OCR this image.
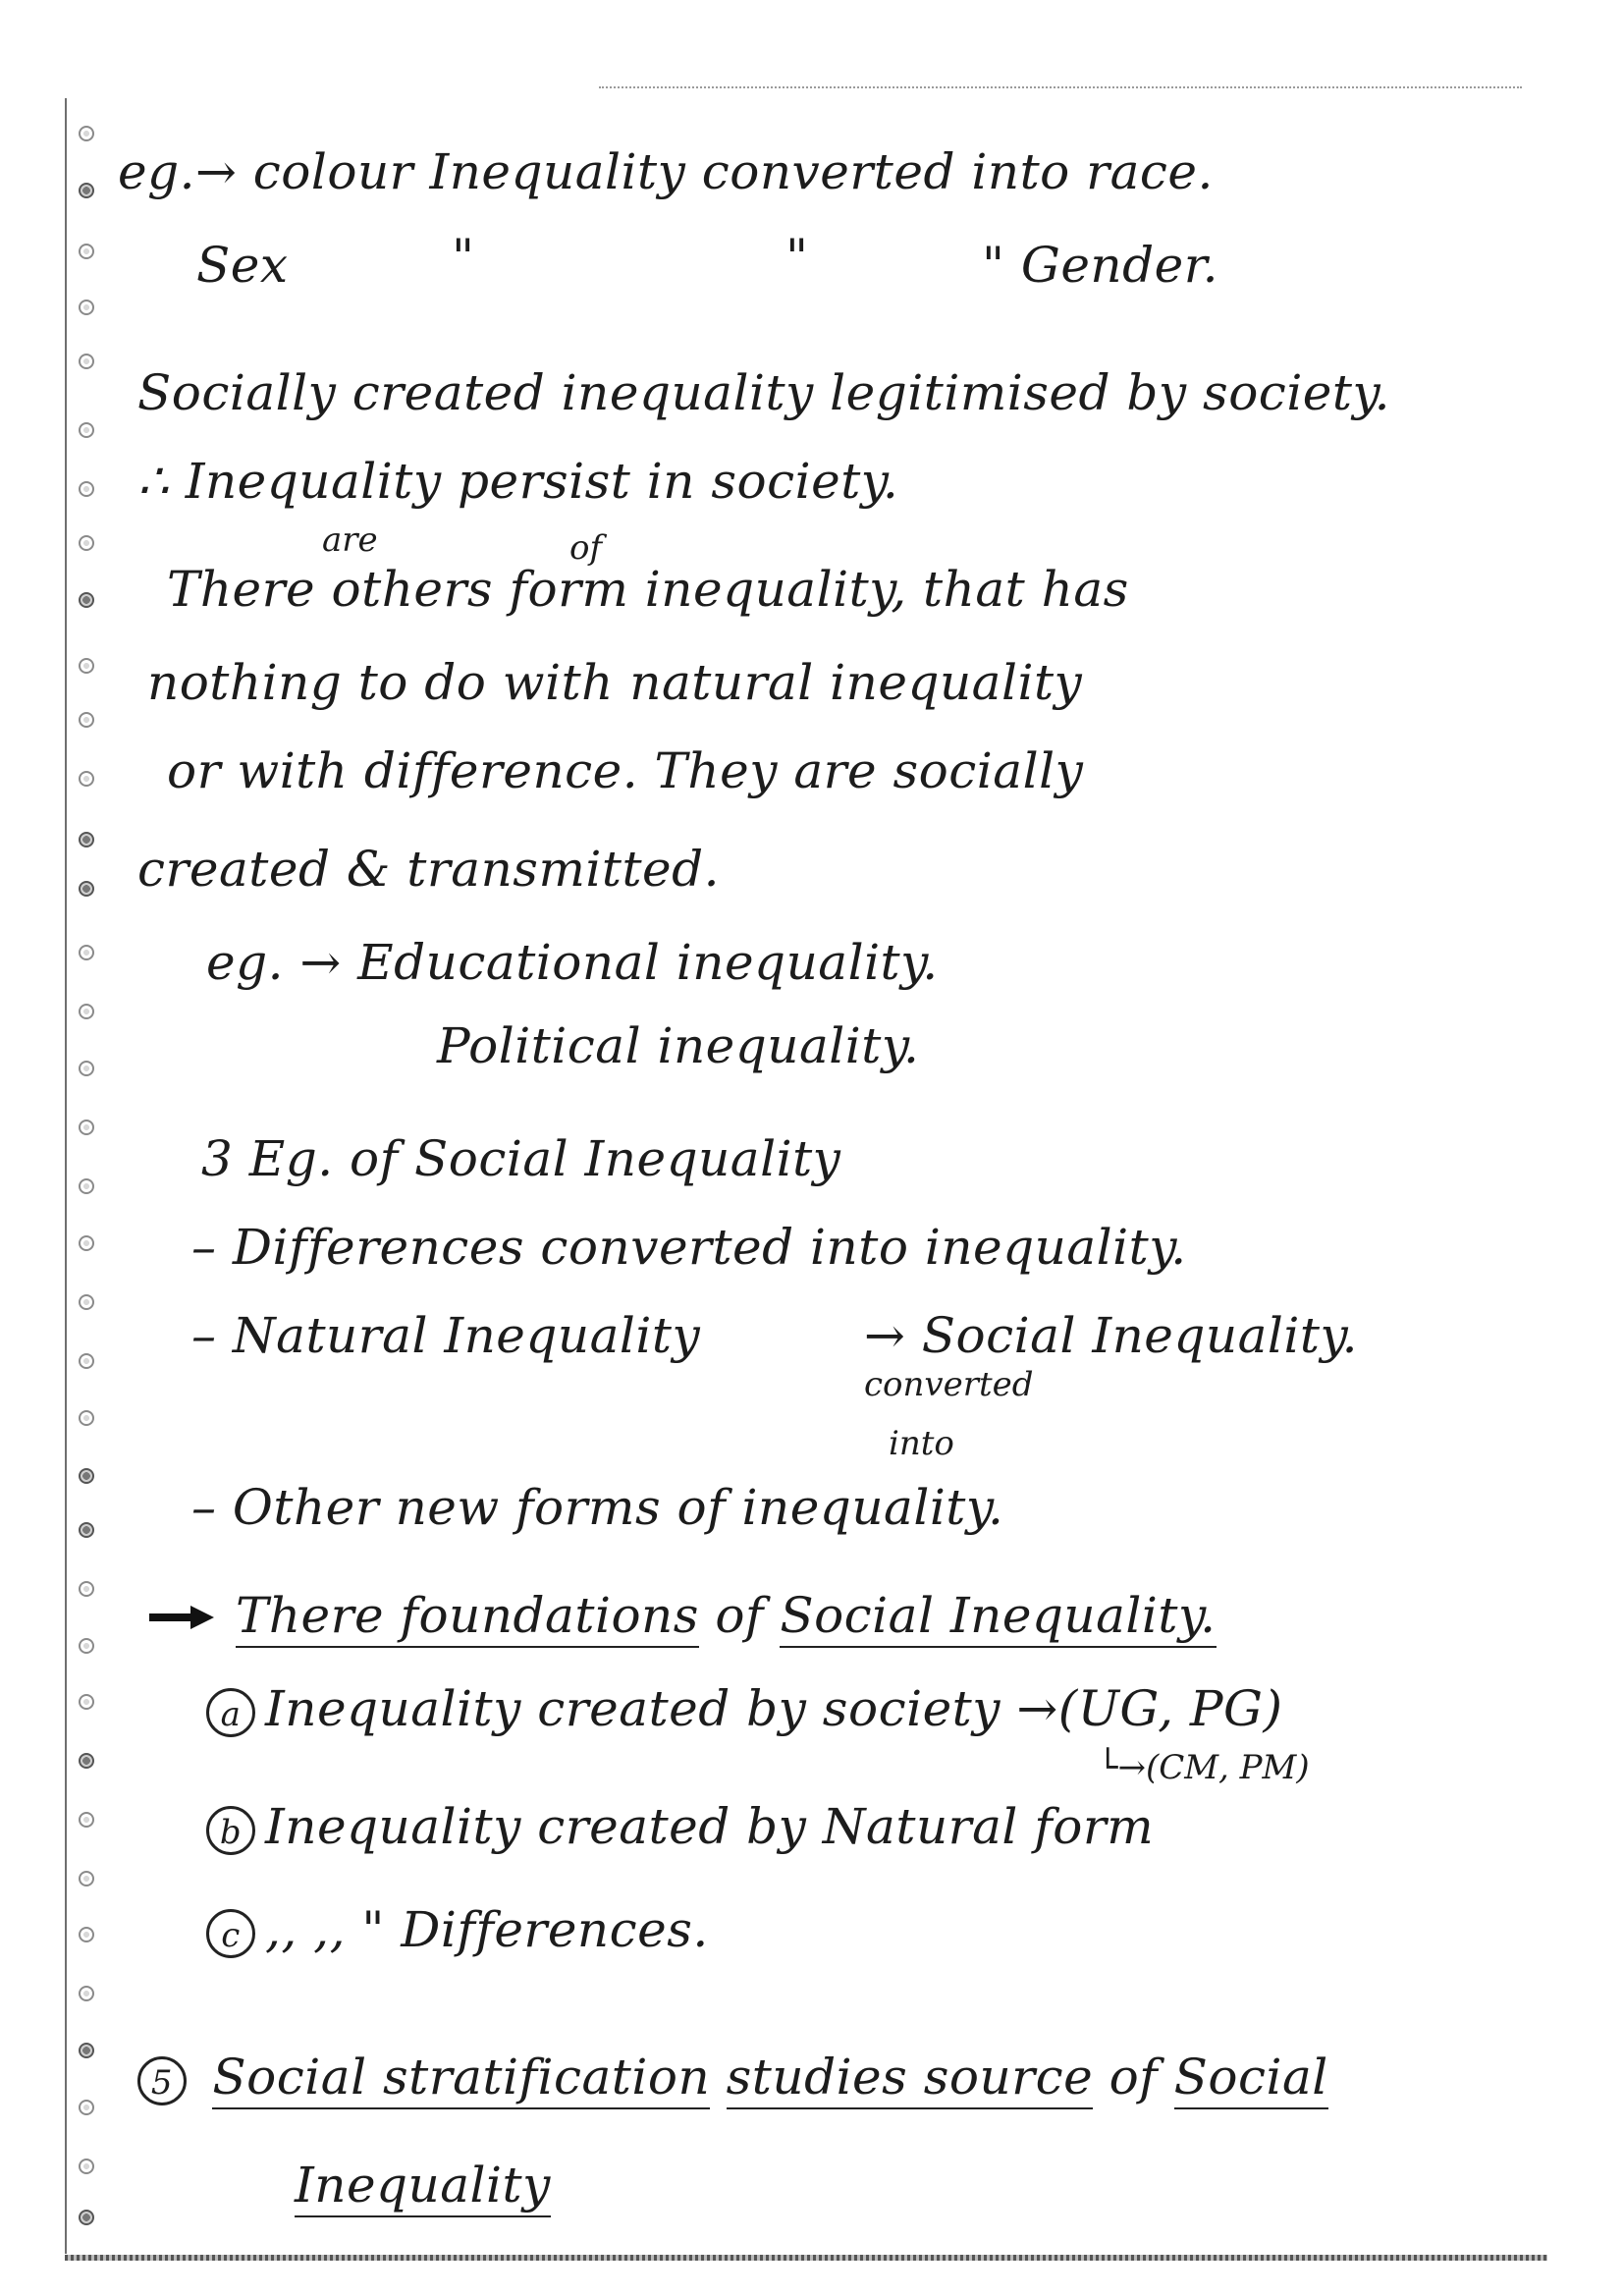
eg.→ colour Inequality converted into race.
Sex	"	"	" Gender.
Socially created inequality legitimised by society.
∴ Inequality persist in society.
are	of
There others form inequality, that has
nothing to do with natural inequality
or with difference. They are socially
created & transmitted.
eg. → Educational inequality.
Political inequality.
3 Eg. of Social Inequality
– Differences converted into inequality.
– Natural Inequality	→ Social Inequality.
converted
into
– Other new forms of inequality.
There foundations of Social Inequality.
a Inequality created by society →(UG, PG)
└→(CM, PM)
b Inequality created by Natural form
c ,, ,, " Differences.
5 Social stratification studies source of Social
Inequality
